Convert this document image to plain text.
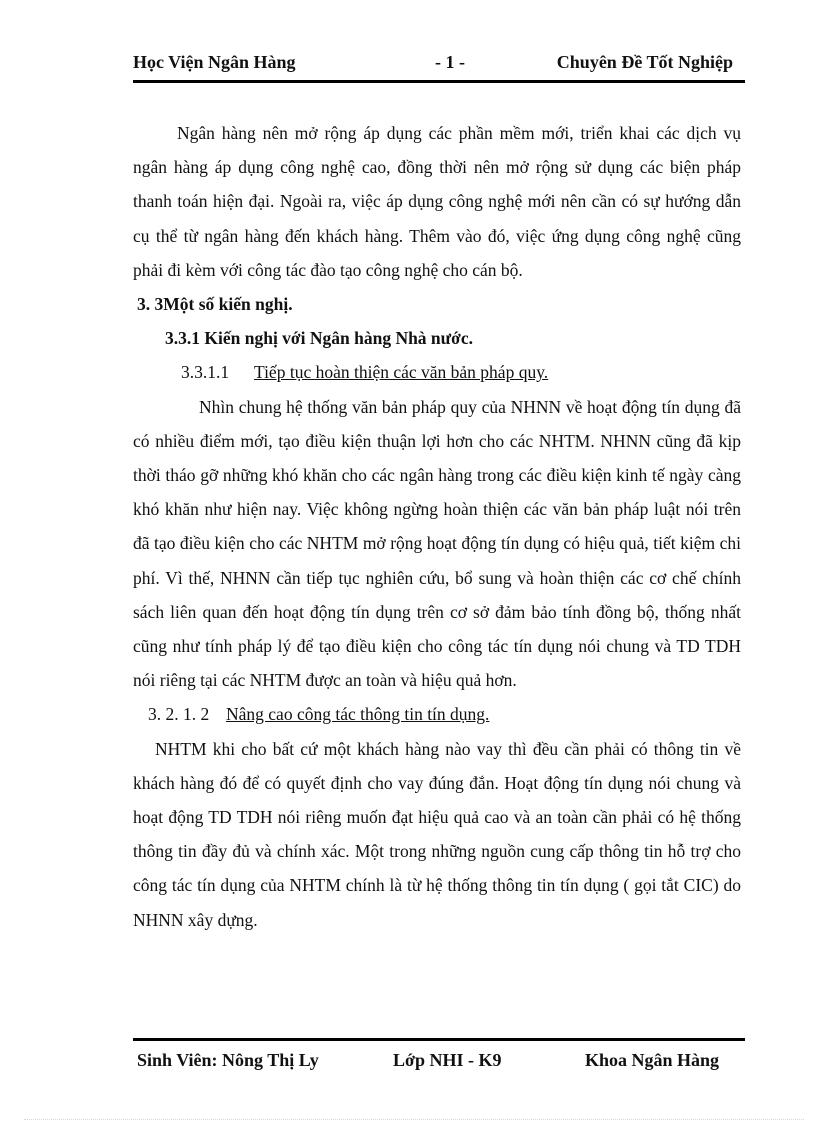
Học Viện Ngân Hàng	- 1 -	Chuyên Đề Tốt Nghiệp

Ngân hàng nên mở rộng áp dụng các phần mềm mới, triển khai các dịch vụ ngân hàng áp dụng công nghệ cao, đồng thời nên mở rộng sử dụng các biện pháp thanh toán hiện đại. Ngoài ra, việc áp dụng công nghệ mới nên cần có sự hướng dẫn cụ thể từ ngân hàng đến khách hàng. Thêm vào đó, việc ứng dụng công nghệ cũng phải đi kèm với công tác đào tạo công nghệ cho cán bộ.

3. 3Một số kiến nghị.

3.3.1 Kiến nghị với Ngân hàng Nhà nước.

3.3.1.1 Tiếp tục hoàn thiện các văn bản pháp quy.

Nhìn chung hệ thống văn bản pháp quy của NHNN về hoạt động tín dụng đã có nhiều điểm mới, tạo điều kiện thuận lợi hơn cho các NHTM. NHNN cũng đã kịp thời tháo gỡ những khó khăn cho các ngân hàng trong các điều kiện kinh tế ngày càng khó khăn như hiện nay. Việc không ngừng hoàn thiện các văn bản pháp luật nói trên đã tạo điều kiện cho các NHTM mở rộng hoạt động tín dụng có hiệu quả, tiết kiệm chi phí. Vì thế, NHNN cần tiếp tục nghiên cứu, bổ sung và hoàn thiện các cơ chế chính sách liên quan đến hoạt động tín dụng trên cơ sở đảm bảo tính đồng bộ, thống nhất cũng như tính pháp lý để tạo điều kiện cho công tác tín dụng nói chung và TD TDH nói riêng tại các NHTM được an toàn và hiệu quả hơn.

3. 2. 1. 2 Nâng cao công tác thông tin tín dụng.

NHTM khi cho bất cứ một khách hàng nào vay thì đều cần phải có thông tin về khách hàng đó để có quyết định cho vay đúng đắn. Hoạt động tín dụng nói chung và hoạt động TD TDH nói riêng muốn đạt hiệu quả cao và an toàn cần phải có hệ thống thông tin đầy đủ và chính xác. Một trong những nguồn cung cấp thông tin hỗ trợ cho công tác tín dụng của NHTM chính là từ hệ thống thông tin tín dụng ( gọi tắt CIC) do NHNN xây dựng.

Sinh Viên: Nông Thị Ly	Lớp NHI - K9	Khoa Ngân Hàng
